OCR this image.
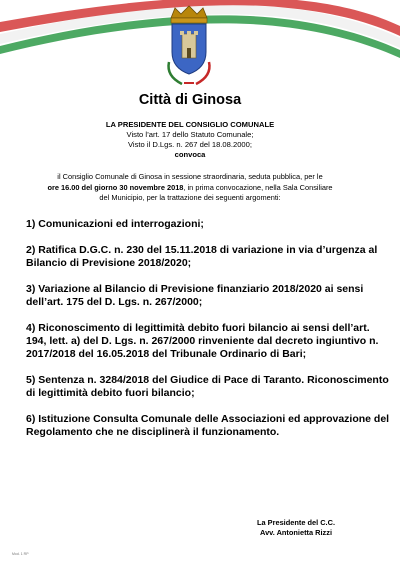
Città di Ginosa
LA PRESIDENTE DEL CONSIGLIO COMUNALE
Visto l’art. 17 dello Statuto Comunale;
Visto il D.Lgs. n. 267 del 18.08.2000;
convoca
il Consiglio Comunale di Ginosa in sessione straordinaria, seduta pubblica, per le
ore 16.00 del giorno 30 novembre 2018, in prima convocazione, nella Sala Consiliare
del Municipio, per la trattazione dei seguenti argomenti:
1) Comunicazioni ed interrogazioni;
2) Ratifica D.G.C. n. 230 del 15.11.2018 di variazione in via d’urgenza al Bilancio di Previsione 2018/2020;
3) Variazione al Bilancio di Previsione finanziario 2018/2020 ai sensi dell’art. 175 del D. Lgs. n. 267/2000;
4) Riconoscimento di legittimità debito fuori bilancio ai sensi dell’art. 194, lett. a) del D. Lgs. n. 267/2000 rinveniente dal decreto ingiuntivo n. 2017/2018 del 16.05.2018 del Tribunale Ordinario di Bari;
5) Sentenza n. 3284/2018 del Giudice di Pace di Taranto. Riconoscimento di legittimità debito fuori bilancio;
6) Istituzione Consulta Comunale delle Associazioni ed approvazione del Regolamento che ne disciplinerà il funzionamento.
La Presidente del C.C.
Avv. Antonietta Rizzi
Mod. 1 RP
